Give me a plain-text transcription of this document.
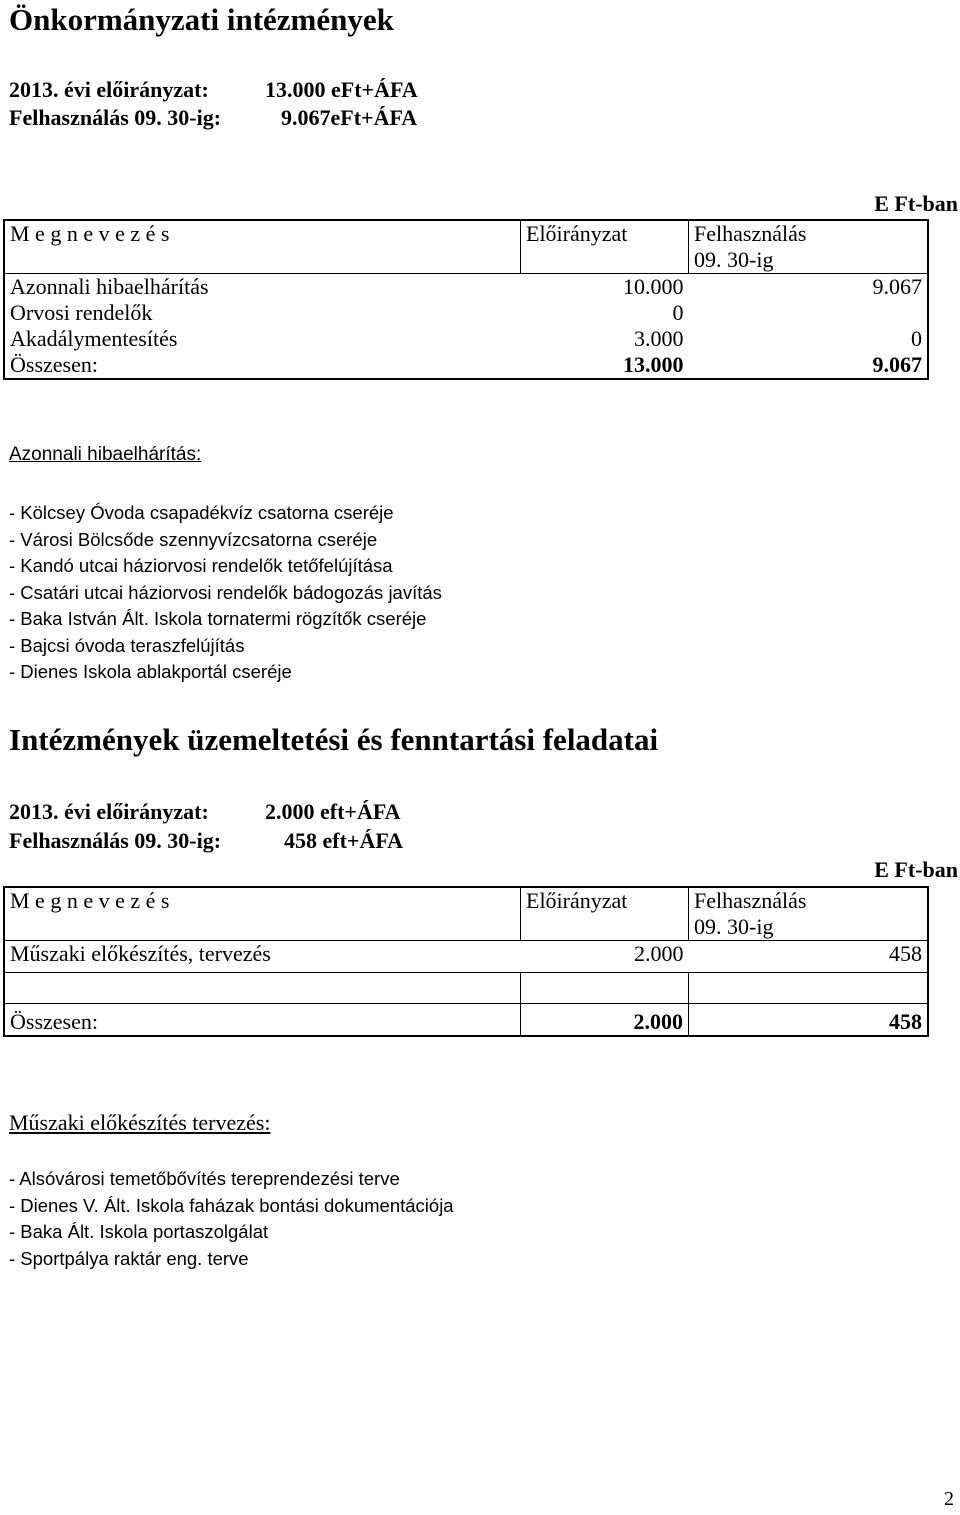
Önkormányzati intézmények
2013. évi előirányzat:	13.000 eFt+ÁFA
Felhasználás 09. 30-ig:	9.067eFt+ÁFA
E Ft-ban
M e g n e v e z é s	Előirányzat	Felhasználás
09. 30-ig

Azonnali hibaelhárítás	10.000	9.067
Orvosi rendelők	0	
Akadálymentesítés	3.000	0
Összesen:	13.000	9.067
Azonnali hibaelhárítás:
- Kölcsey Óvoda csapadékvíz csatorna cseréje
- Városi Bölcsőde szennyvízcsatorna cseréje
- Kandó utcai háziorvosi rendelők tetőfelújítása
- Csatári utcai háziorvosi rendelők bádogozás javítás
- Baka István Ált. Iskola tornatermi rögzítők cseréje
- Bajcsi óvoda teraszfelújítás
- Dienes Iskola ablakportál cseréje
Intézmények üzemeltetési és fenntartási feladatai
2013. évi előirányzat:	2.000 eft+ÁFA
Felhasználás 09. 30-ig:	458 eft+ÁFA
E Ft-ban
M e g n e v e z é s	Előirányzat	Felhasználás
09. 30-ig

Műszaki előkészítés, tervezés	2.000	458

Összesen:	2.000	458
Műszaki előkészítés tervezés:
- Alsóvárosi temetőbővítés tereprendezési terve
- Dienes V. Ált. Iskola faházak bontási dokumentációja
- Baka Ált. Iskola portaszolgálat
- Sportpálya raktár eng. terve
2
